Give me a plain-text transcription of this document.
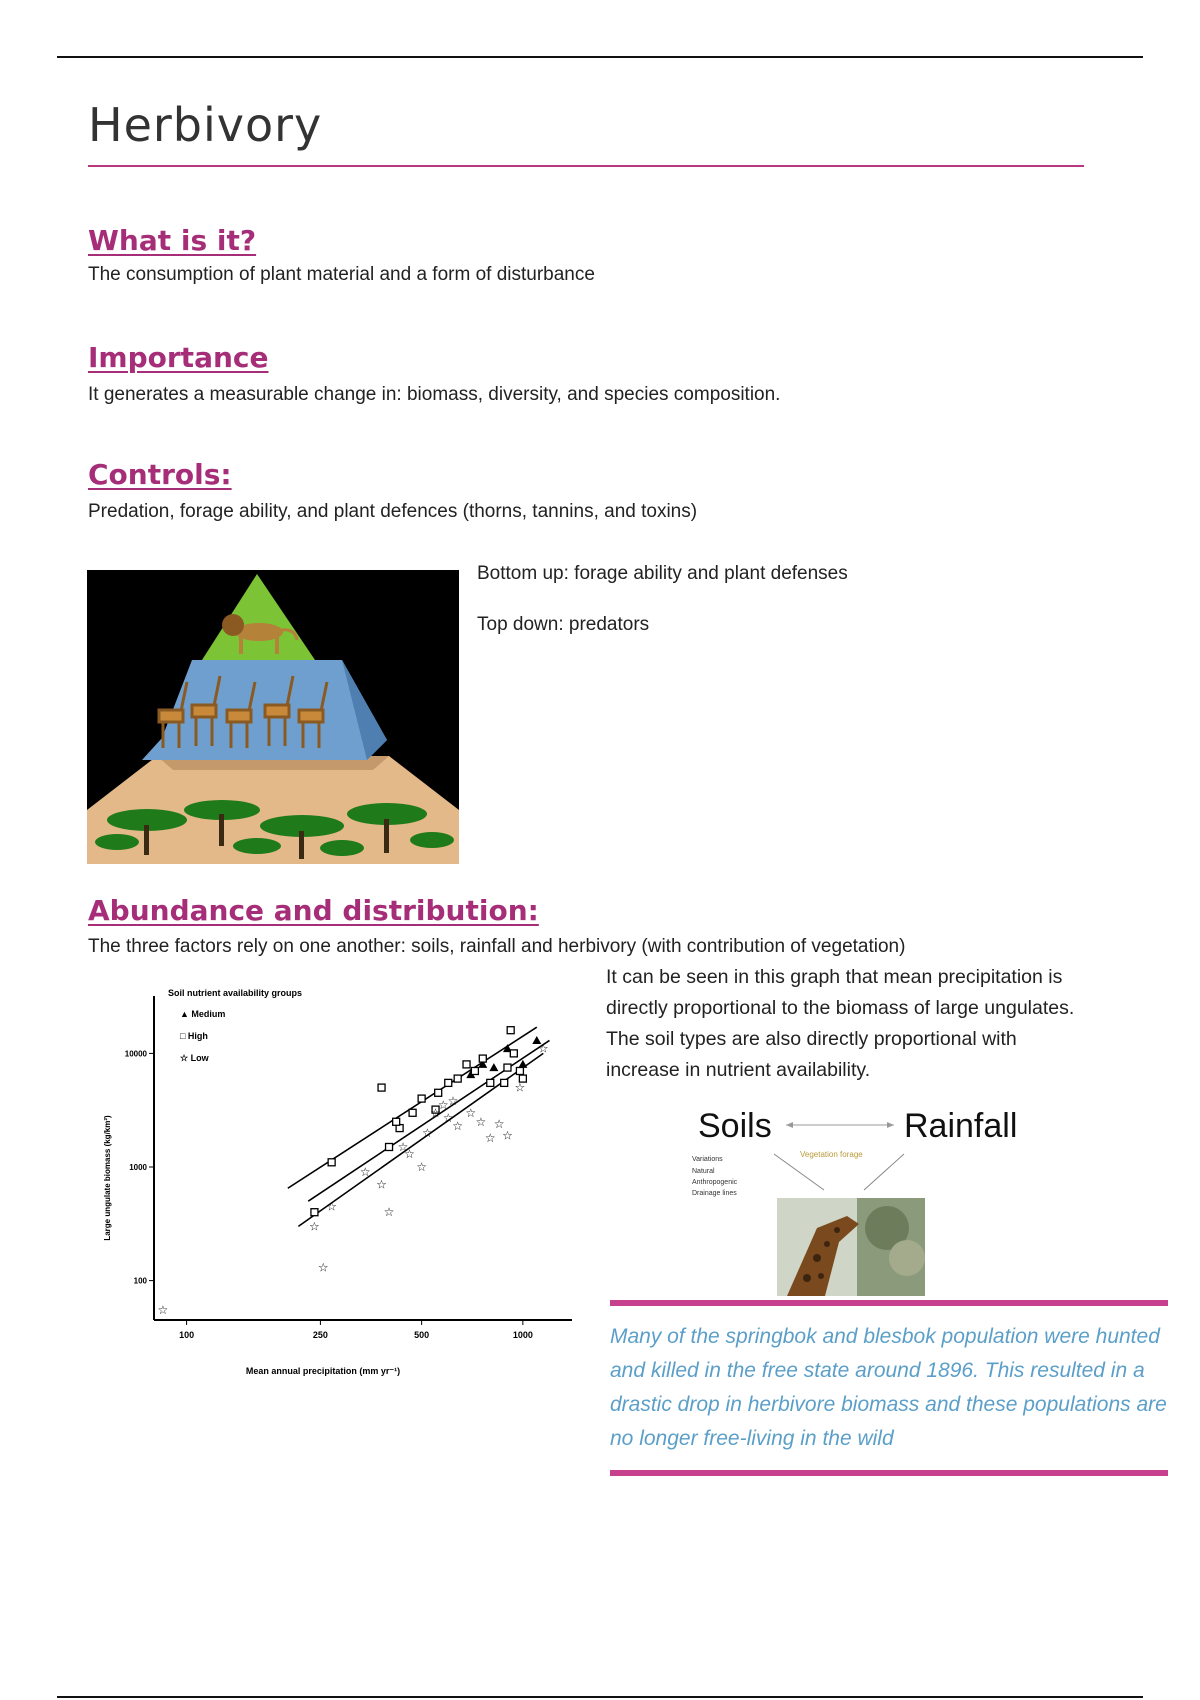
Herbivory
What is it?

The consumption of plant material and a form of disturbance

Importance

It generates a measurable change in: biomass, diversity, and species composition.

Controls:

Predation, forage ability, and plant defences (thorns, tannins, and toxins)

Bottom up: forage ability and plant defenses

Top down: predators

Abundance and distribution:

The three factors rely on one another: soils, rainfall and herbivory (with contribution of vegetation)

100	250	500	1000
100
1000
10000
Mean annual precipitation (mm yr⁻¹)
Large ungulate biomass (kg/km²)
Soil nutrient availability groups
▲ Medium
□ High
☆ Low
☆
☆
☆
☆
☆
☆
☆
☆
☆
☆
☆
☆
☆
☆
☆
☆
☆
☆
☆
☆
☆
☆
☆

It can be seen in this graph that mean precipitation is directly proportional to the biomass of large ungulates. The soil types are also directly proportional with increase in nutrient availability.

Soils	Rainfall
Vegetation forage
Variations
Natural
Anthropogenic
Drainage lines

Many of the springbok and blesbok population were hunted and killed in the free state around 1896. This resulted in a drastic drop in herbivore biomass and these populations are no longer free-living in the wild
